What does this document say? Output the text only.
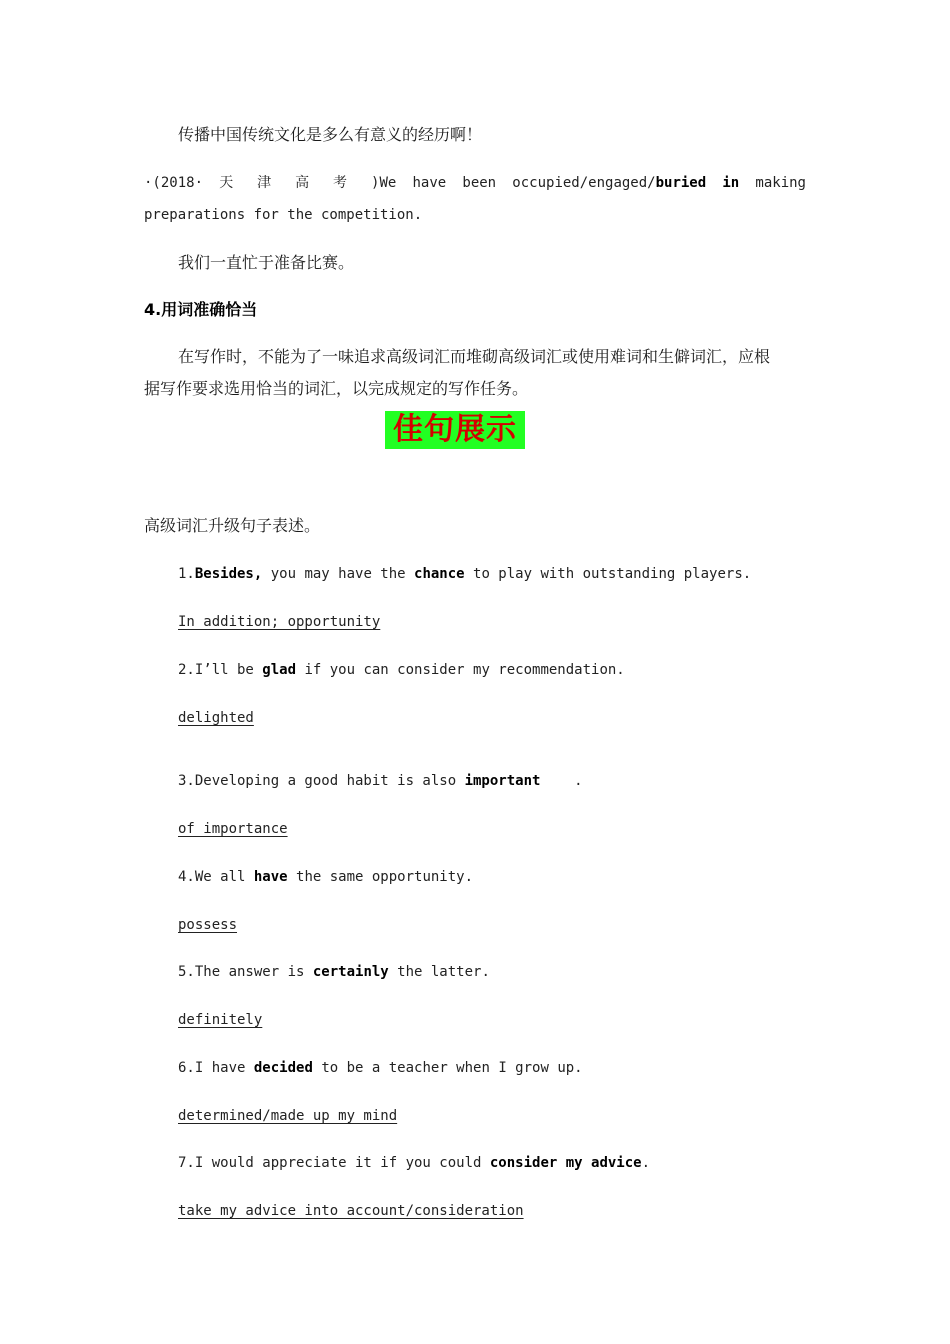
传播中国传统文化是多么有意义的经历啊！
·(2018· 天 津 高 考 )We have been occupied/engaged/buried in making
preparations for the competition.
我们一直忙于准备比赛。
4.用词准确恰当
在写作时，不能为了一味追求高级词汇而堆砌高级词汇或使用难词和生僻词汇，应根
据写作要求选用恰当的词汇，以完成规定的写作任务。
佳句展示
高级词汇升级句子表述。
1.Besides, you may have the chance to play with outstanding players.
In addition; opportunity
2.I’ll be glad if you can consider my recommendation.
delighted
3.Developing a good habit is also important    .
of importance
4.We all have the same opportunity.
possess
5.The answer is certainly the latter.
definitely
6.I have decided to be a teacher when I grow up.
determined/made up my mind
7.I would appreciate it if you could consider my advice.
take my advice into account/consideration
